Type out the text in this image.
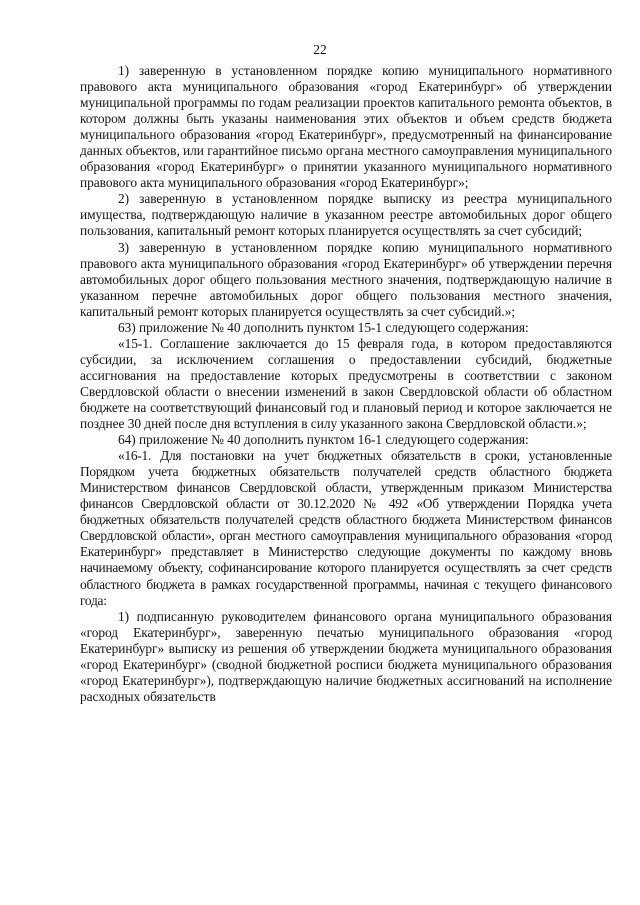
22

1) заверенную в установленном порядке копию муниципального нормативного правового акта муниципального образования «город Екатеринбург» об утверждении муниципальной программы по годам реализации проектов капитального ремонта объектов, в котором должны быть указаны наименования этих объектов и объем средств бюджета муниципального образования «город Екатеринбург», предусмотренный на финансирование данных объектов, или гарантийное письмо органа местного самоуправления муниципального образования «город Екатеринбург» о принятии указанного муниципального нормативного правового акта муниципального образования «город Екатеринбург»;

2) заверенную в установленном порядке выписку из реестра муниципального имущества, подтверждающую наличие в указанном реестре автомобильных дорог общего пользования, капитальный ремонт которых планируется осуществлять за счет субсидий;

3) заверенную в установленном порядке копию муниципального нормативного правового акта муниципального образования «город Екатеринбург» об утверждении перечня автомобильных дорог общего пользования местного значения, подтверждающую наличие в указанном перечне автомобильных дорог общего пользования местного значения, капитальный ремонт которых планируется осуществлять за счет субсидий.»;

63) приложение № 40 дополнить пунктом 15-1 следующего содержания:

«15-1. Соглашение заключается до 15 февраля года, в котором предоставляются субсидии, за исключением соглашения о предоставлении субсидий, бюджетные ассигнования на предоставление которых предусмотрены в соответствии с законом Свердловской области о внесении изменений в закон Свердловской области об областном бюджете на соответствующий финансовый год и плановый период и которое заключается не позднее 30 дней после дня вступления в силу указанного закона Свердловской области.»;

64) приложение № 40 дополнить пунктом 16-1 следующего содержания:

«16-1. Для постановки на учет бюджетных обязательств в сроки, установленные Порядком учета бюджетных обязательств получателей средств областного бюджета Министерством финансов Свердловской области, утвержденным приказом Министерства финансов Свердловской области от 30.12.2020 № 492 «Об утверждении Порядка учета бюджетных обязательств получателей средств областного бюджета Министерством финансов Свердловской области», орган местного самоуправления муниципального образования «город Екатеринбург» представляет в Министерство следующие документы по каждому вновь начинаемому объекту, софинансирование которого планируется осуществлять за счет средств областного бюджета в рамках государственной программы, начиная с текущего финансового года:

1) подписанную руководителем финансового органа муниципального образования «город Екатеринбург», заверенную печатью муниципального образования «город Екатеринбург» выписку из решения об утверждении бюджета муниципального образования «город Екатеринбург» (сводной бюджетной росписи бюджета муниципального образования «город Екатеринбург»), подтверждающую наличие бюджетных ассигнований на исполнение расходных обязательств
